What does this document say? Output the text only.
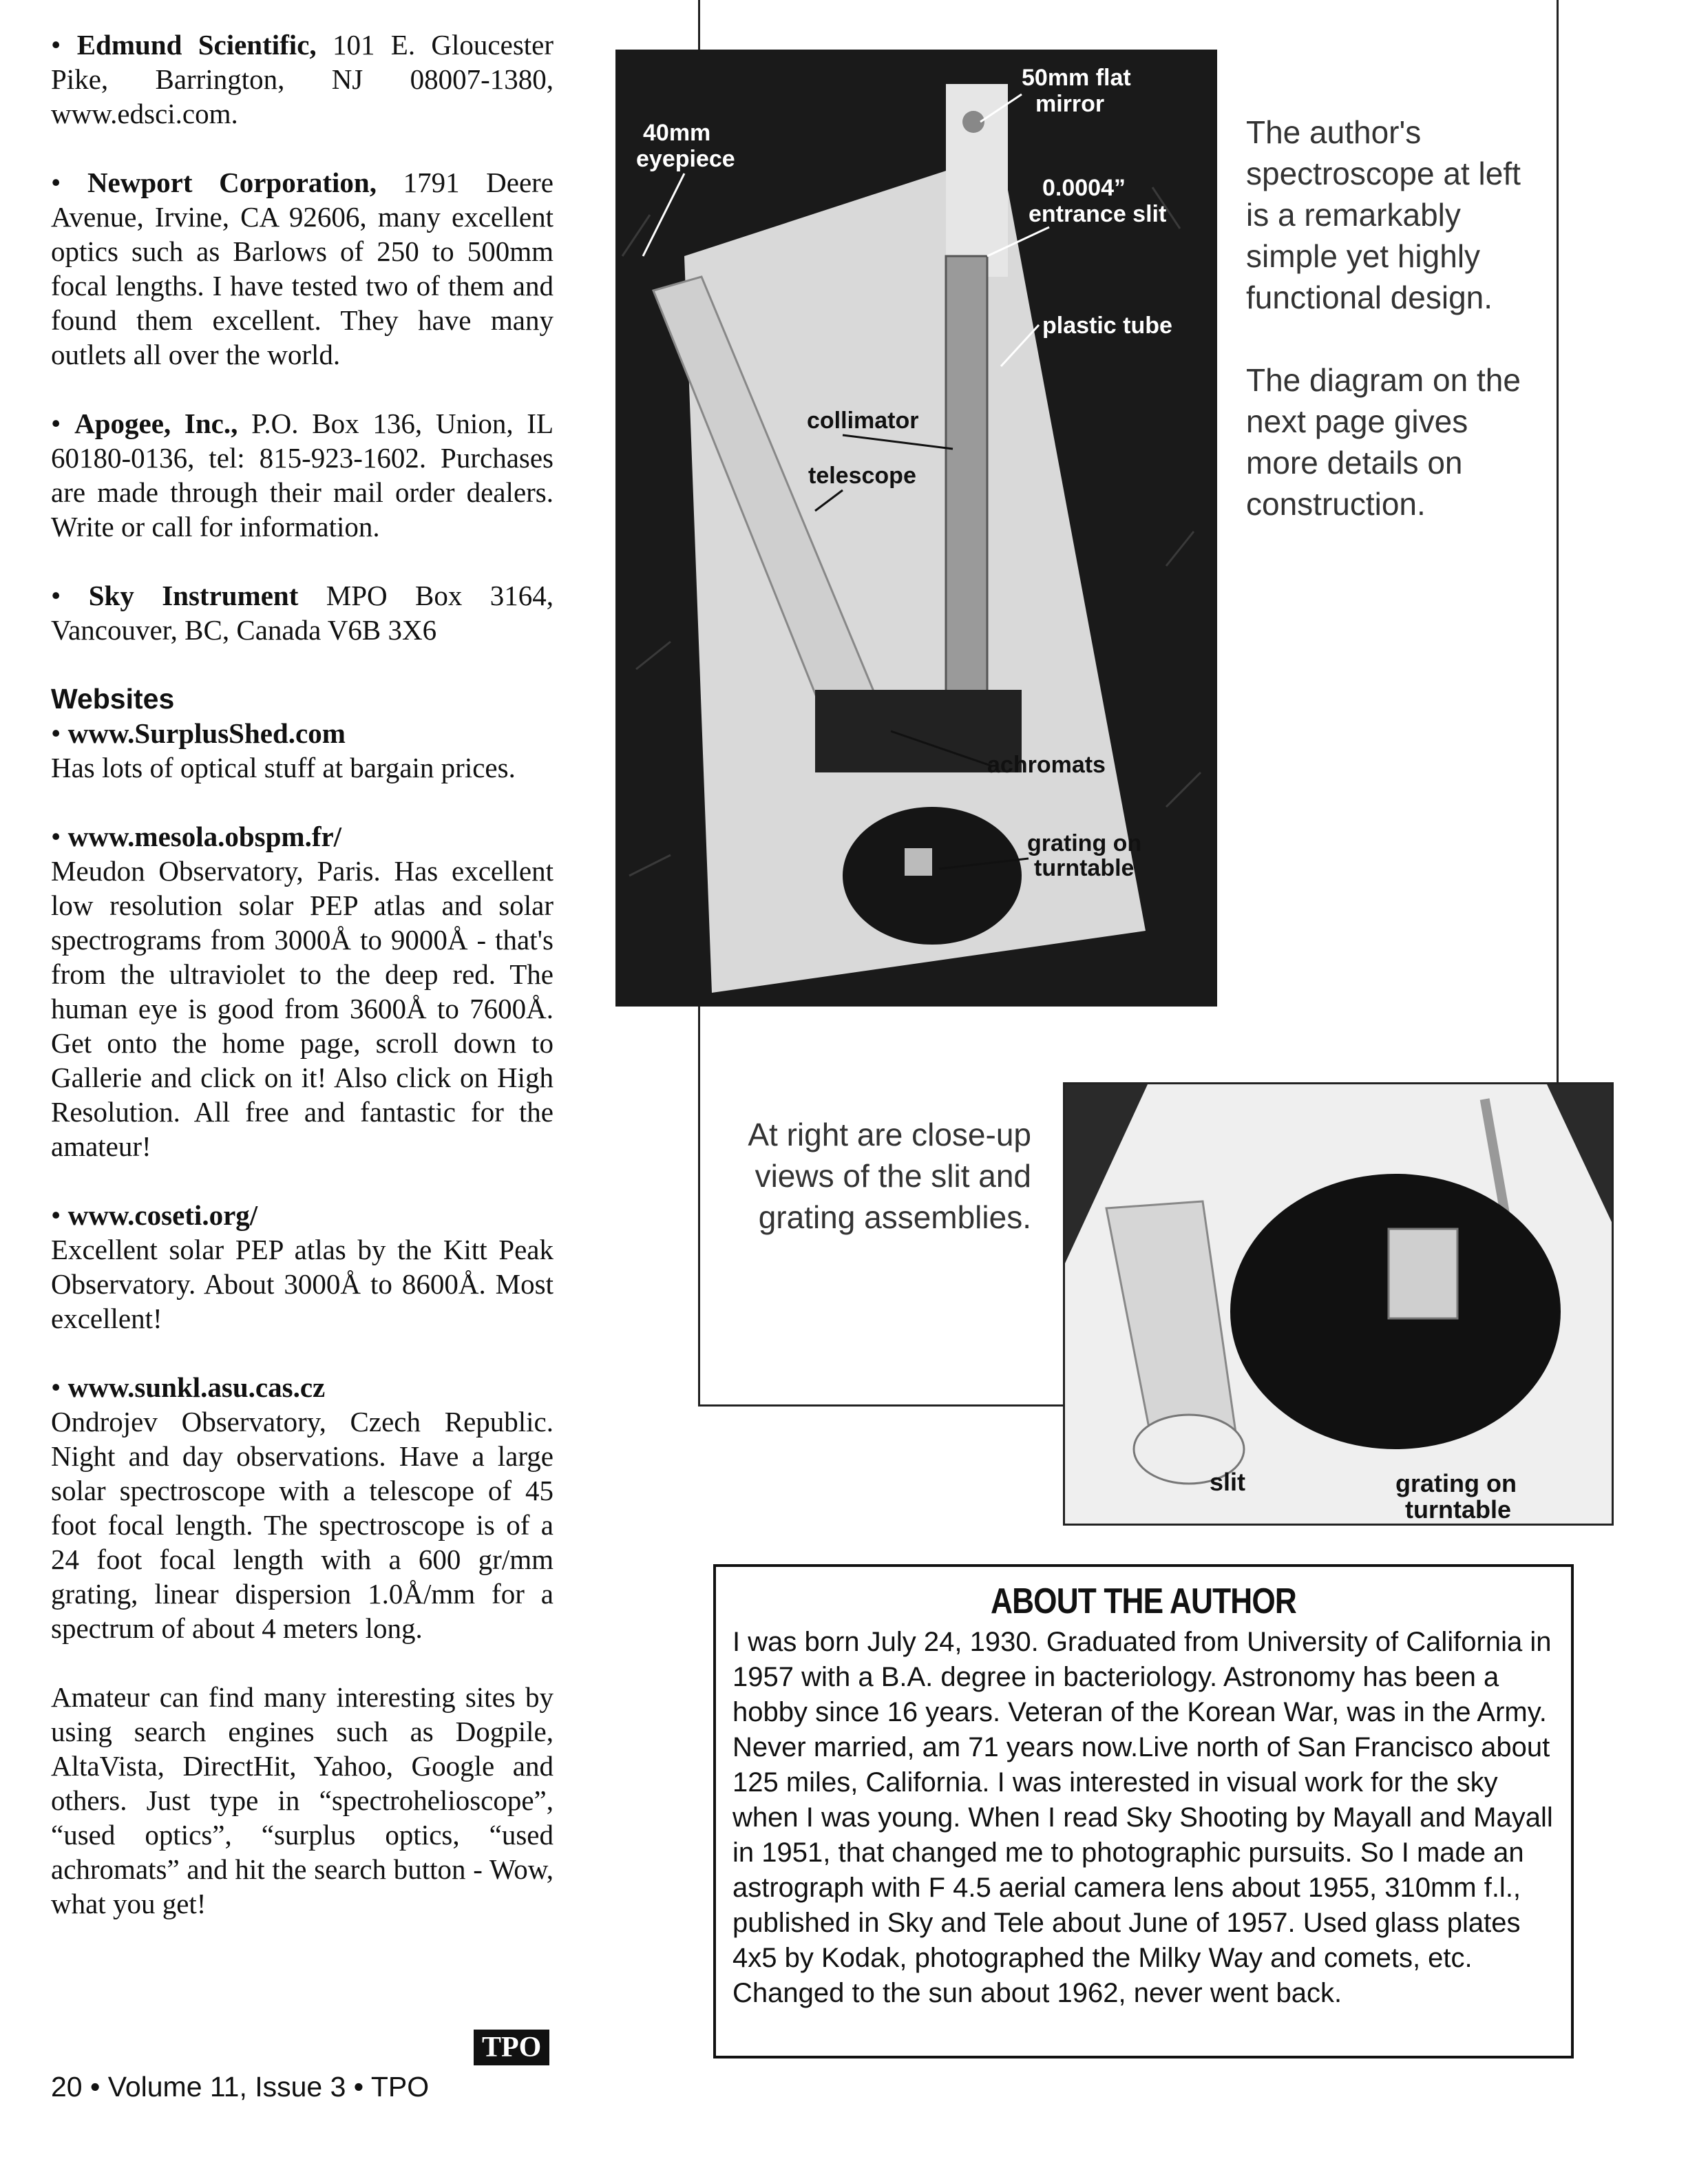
• Edmund Scientific, 101 E. Gloucester Pike, Barrington, NJ 08007-1380, www.edsci.com.
• Newport Corporation, 1791 Deere Avenue, Irvine, CA 92606, many excellent optics such as Barlows of 250 to 500mm focal lengths. I have tested two of them and found them excellent. They have many outlets all over the world.
• Apogee, Inc., P.O. Box 136, Union, IL 60180-0136, tel: 815-923-1602. Purchases are made through their mail order dealers. Write or call for information.
• Sky Instrument MPO Box 3164, Vancouver, BC, Canada V6B 3X6
Websites
• www.SurplusShed.com
Has lots of optical stuff at bargain prices.
• www.mesola.obspm.fr/
Meudon Observatory, Paris. Has excellent low resolution solar PEP atlas and solar spectrograms from 3000Å to 9000Å - that's from the ultraviolet to the deep red. The human eye is good from 3600Å to 7600Å. Get onto the home page, scroll down to Gallerie and click on it! Also click on High Resolution. All free and fantastic for the amateur!
• www.coseti.org/
Excellent solar PEP atlas by the Kitt Peak Observatory. About 3000Å to 8600Å. Most excellent!
• www.sunkl.asu.cas.cz
Ondrojev Observatory, Czech Republic. Night and day observations. Have a large solar spectroscope with a telescope of 45 foot focal length. The spectroscope is of a 24 foot focal length with a 600 gr/mm grating, linear dispersion 1.0Å/mm for a spectrum of about 4 meters long.
Amateur can find many interesting sites by using search engines such as Dogpile, AltaVista, DirectHit, Yahoo, Google and others. Just type in “spectrohelioscope”, “used optics”, “surplus optics, “used achromats” and hit the search button - Wow, what you get!
TPO
20 • Volume 11, Issue 3 • TPO
50mm flat
mirror
40mm
eyepiece
0.0004”
entrance slit
plastic tube
collimator
telescope
achromats
grating on
turntable
The author's spectroscope at left is a remarkably simple yet highly functional design.
The diagram on the next page gives more details on construction.
At right are close-up views of the slit and grating assemblies.
slit	grating on
turntable
ABOUT THE AUTHOR
I was born July 24, 1930. Graduated from University of California in 1957 with a B.A. degree in bacteriology. Astronomy has been a hobby since 16 years. Veteran of the Korean War, was in the Army. Never married, am 71 years now.Live north of San Francisco about 125 miles, California. I was interested in visual work for the sky when I was young. When I read Sky Shooting by Mayall and Mayall in 1951, that changed me to photographic pursuits. So I made an astrograph with F 4.5 aerial camera lens about 1955, 310mm f.l., published in Sky and Tele about June of 1957. Used glass plates 4x5 by Kodak, photographed the Milky Way and comets, etc. Changed to the sun about 1962, never went back.
